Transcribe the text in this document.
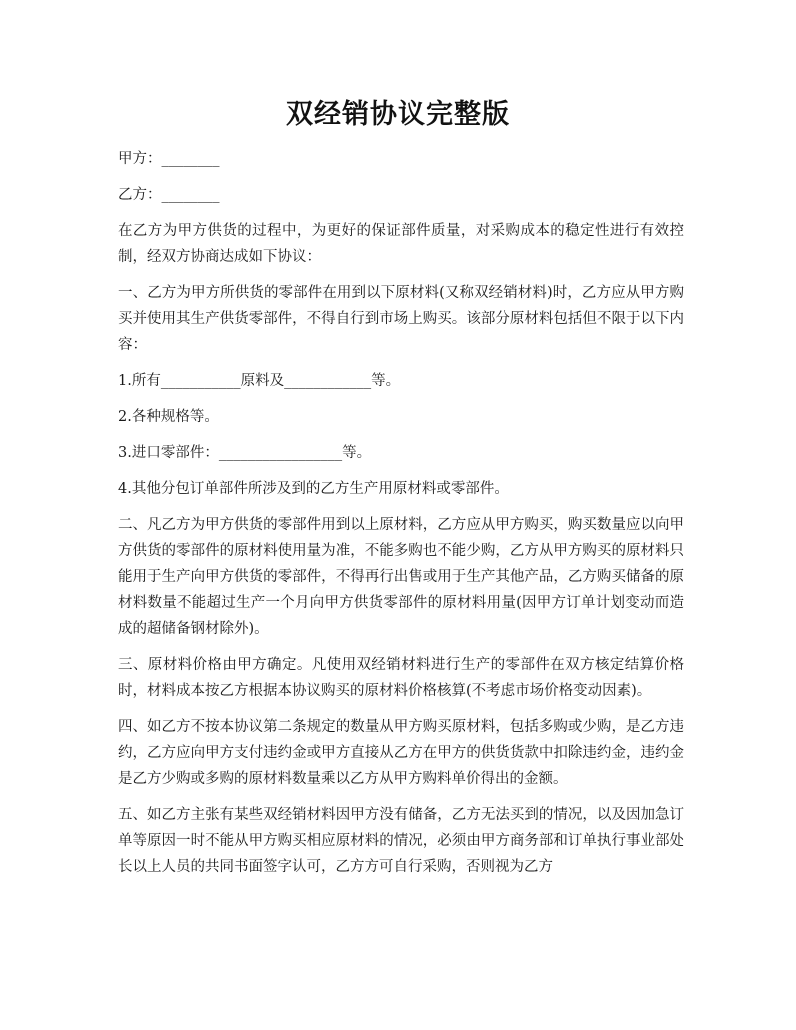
双经销协议完整版

甲方：________

乙方：________

在乙方为甲方供货的过程中，为更好的保证部件质量，对采购成本的稳定性进行有效控制，经双方协商达成如下协议：

一、乙方为甲方所供货的零部件在用到以下原材料(又称双经销材料)时，乙方应从甲方购买并使用其生产供货零部件，不得自行到市场上购买。该部分原材料包括但不限于以下内容：

1.所有___________原料及____________等。

2.各种规格等。

3.进口零部件：_________________等。

4.其他分包订单部件所涉及到的乙方生产用原材料或零部件。

二、凡乙方为甲方供货的零部件用到以上原材料，乙方应从甲方购买，购买数量应以向甲方供货的零部件的原材料使用量为准，不能多购也不能少购，乙方从甲方购买的原材料只能用于生产向甲方供货的零部件，不得再行出售或用于生产其他产品，乙方购买储备的原材料数量不能超过生产一个月向甲方供货零部件的原材料用量(因甲方订单计划变动而造成的超储备钢材除外)。

三、原材料价格由甲方确定。凡使用双经销材料进行生产的零部件在双方核定结算价格时，材料成本按乙方根据本协议购买的原材料价格核算(不考虑市场价格变动因素)。

四、如乙方不按本协议第二条规定的数量从甲方购买原材料，包括多购或少购，是乙方违约，乙方应向甲方支付违约金或甲方直接从乙方在甲方的供货货款中扣除违约金，违约金是乙方少购或多购的原材料数量乘以乙方从甲方购料单价得出的金额。

五、如乙方主张有某些双经销材料因甲方没有储备，乙方无法买到的情况，以及因加急订单等原因一时不能从甲方购买相应原材料的情况，必须由甲方商务部和订单执行事业部处长以上人员的共同书面签字认可，乙方方可自行采购，否则视为乙方
